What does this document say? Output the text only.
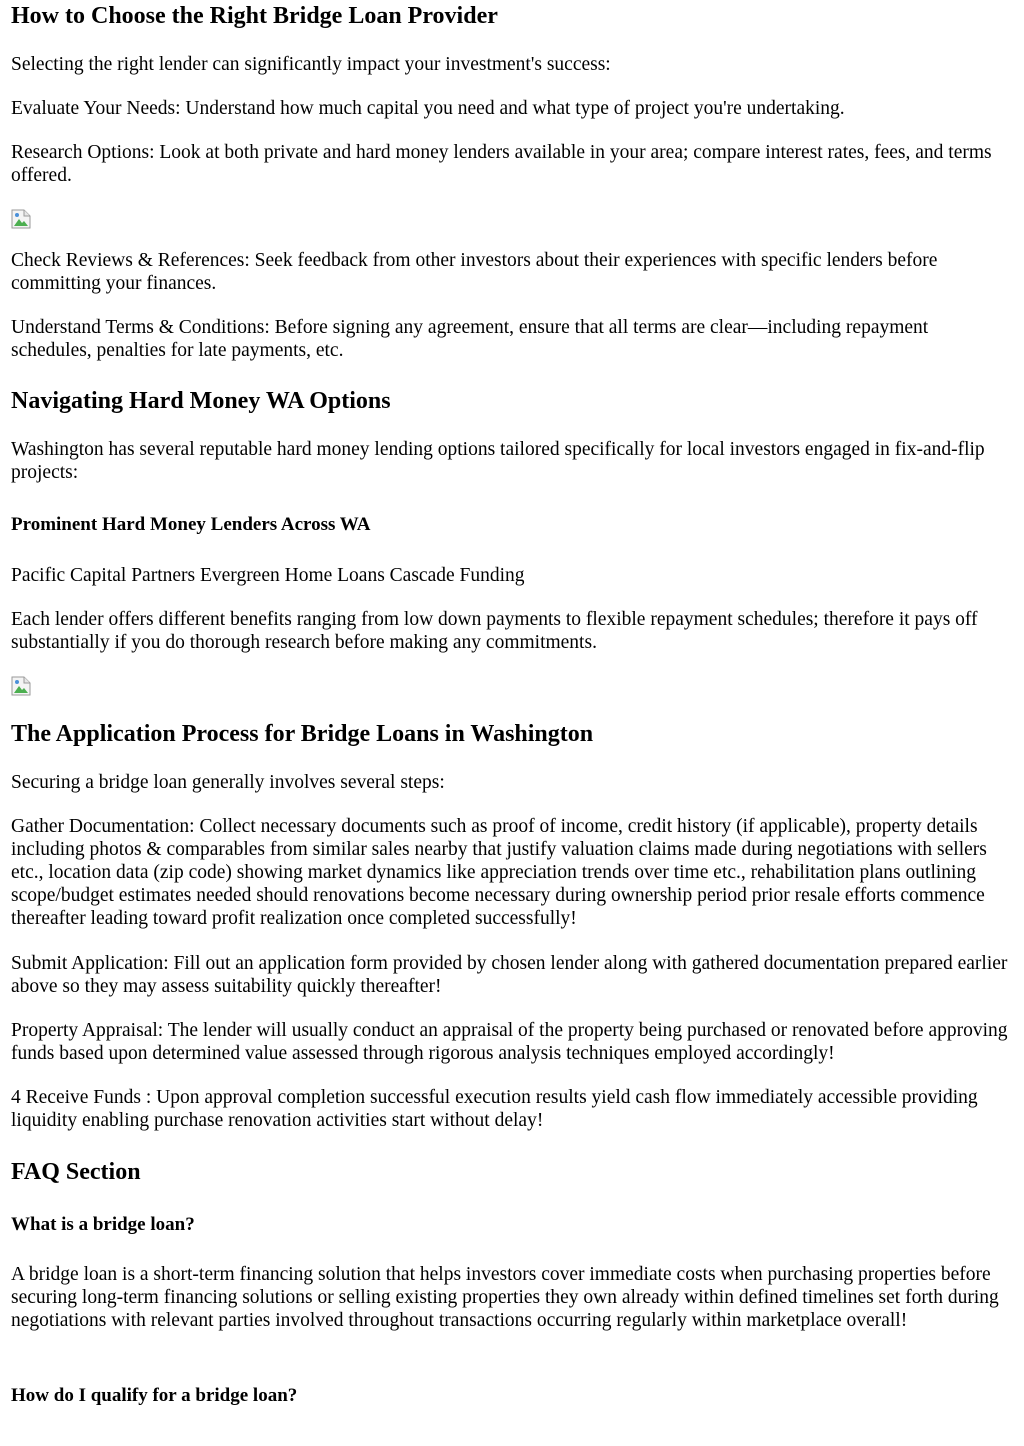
How to Choose the Right Bridge Loan Provider

Selecting the right lender can significantly impact your investment's success:

Evaluate Your Needs: Understand how much capital you need and what type of project you're undertaking.

Research Options: Look at both private and hard money lenders available in your area; compare interest rates, fees, and terms offered.

Check Reviews & References: Seek feedback from other investors about their experiences with specific lenders before committing your finances.

Understand Terms & Conditions: Before signing any agreement, ensure that all terms are clear—including repayment schedules, penalties for late payments, etc.

Navigating Hard Money WA Options

Washington has several reputable hard money lending options tailored specifically for local investors engaged in fix-and-flip projects:

Prominent Hard Money Lenders Across WA

Pacific Capital Partners Evergreen Home Loans Cascade Funding

Each lender offers different benefits ranging from low down payments to flexible repayment schedules; therefore it pays off substantially if you do thorough research before making any commitments.

The Application Process for Bridge Loans in Washington

Securing a bridge loan generally involves several steps:

Gather Documentation: Collect necessary documents such as proof of income, credit history (if applicable), property details including photos & comparables from similar sales nearby that justify valuation claims made during negotiations with sellers etc., location data (zip code) showing market dynamics like appreciation trends over time etc., rehabilitation plans outlining scope/budget estimates needed should renovations become necessary during ownership period prior resale efforts commence thereafter leading toward profit realization once completed successfully!

Submit Application: Fill out an application form provided by chosen lender along with gathered documentation prepared earlier above so they may assess suitability quickly thereafter!

Property Appraisal: The lender will usually conduct an appraisal of the property being purchased or renovated before approving funds based upon determined value assessed through rigorous analysis techniques employed accordingly!

4 Receive Funds : Upon approval completion successful execution results yield cash flow immediately accessible providing liquidity enabling purchase renovation activities start without delay!

FAQ Section
What is a bridge loan?

A bridge loan is a short-term financing solution that helps investors cover immediate costs when purchasing properties before securing long-term financing solutions or selling existing properties they own already within defined timelines set forth during negotiations with relevant parties involved throughout transactions occurring regularly within marketplace overall!

How do I qualify for a bridge loan?
